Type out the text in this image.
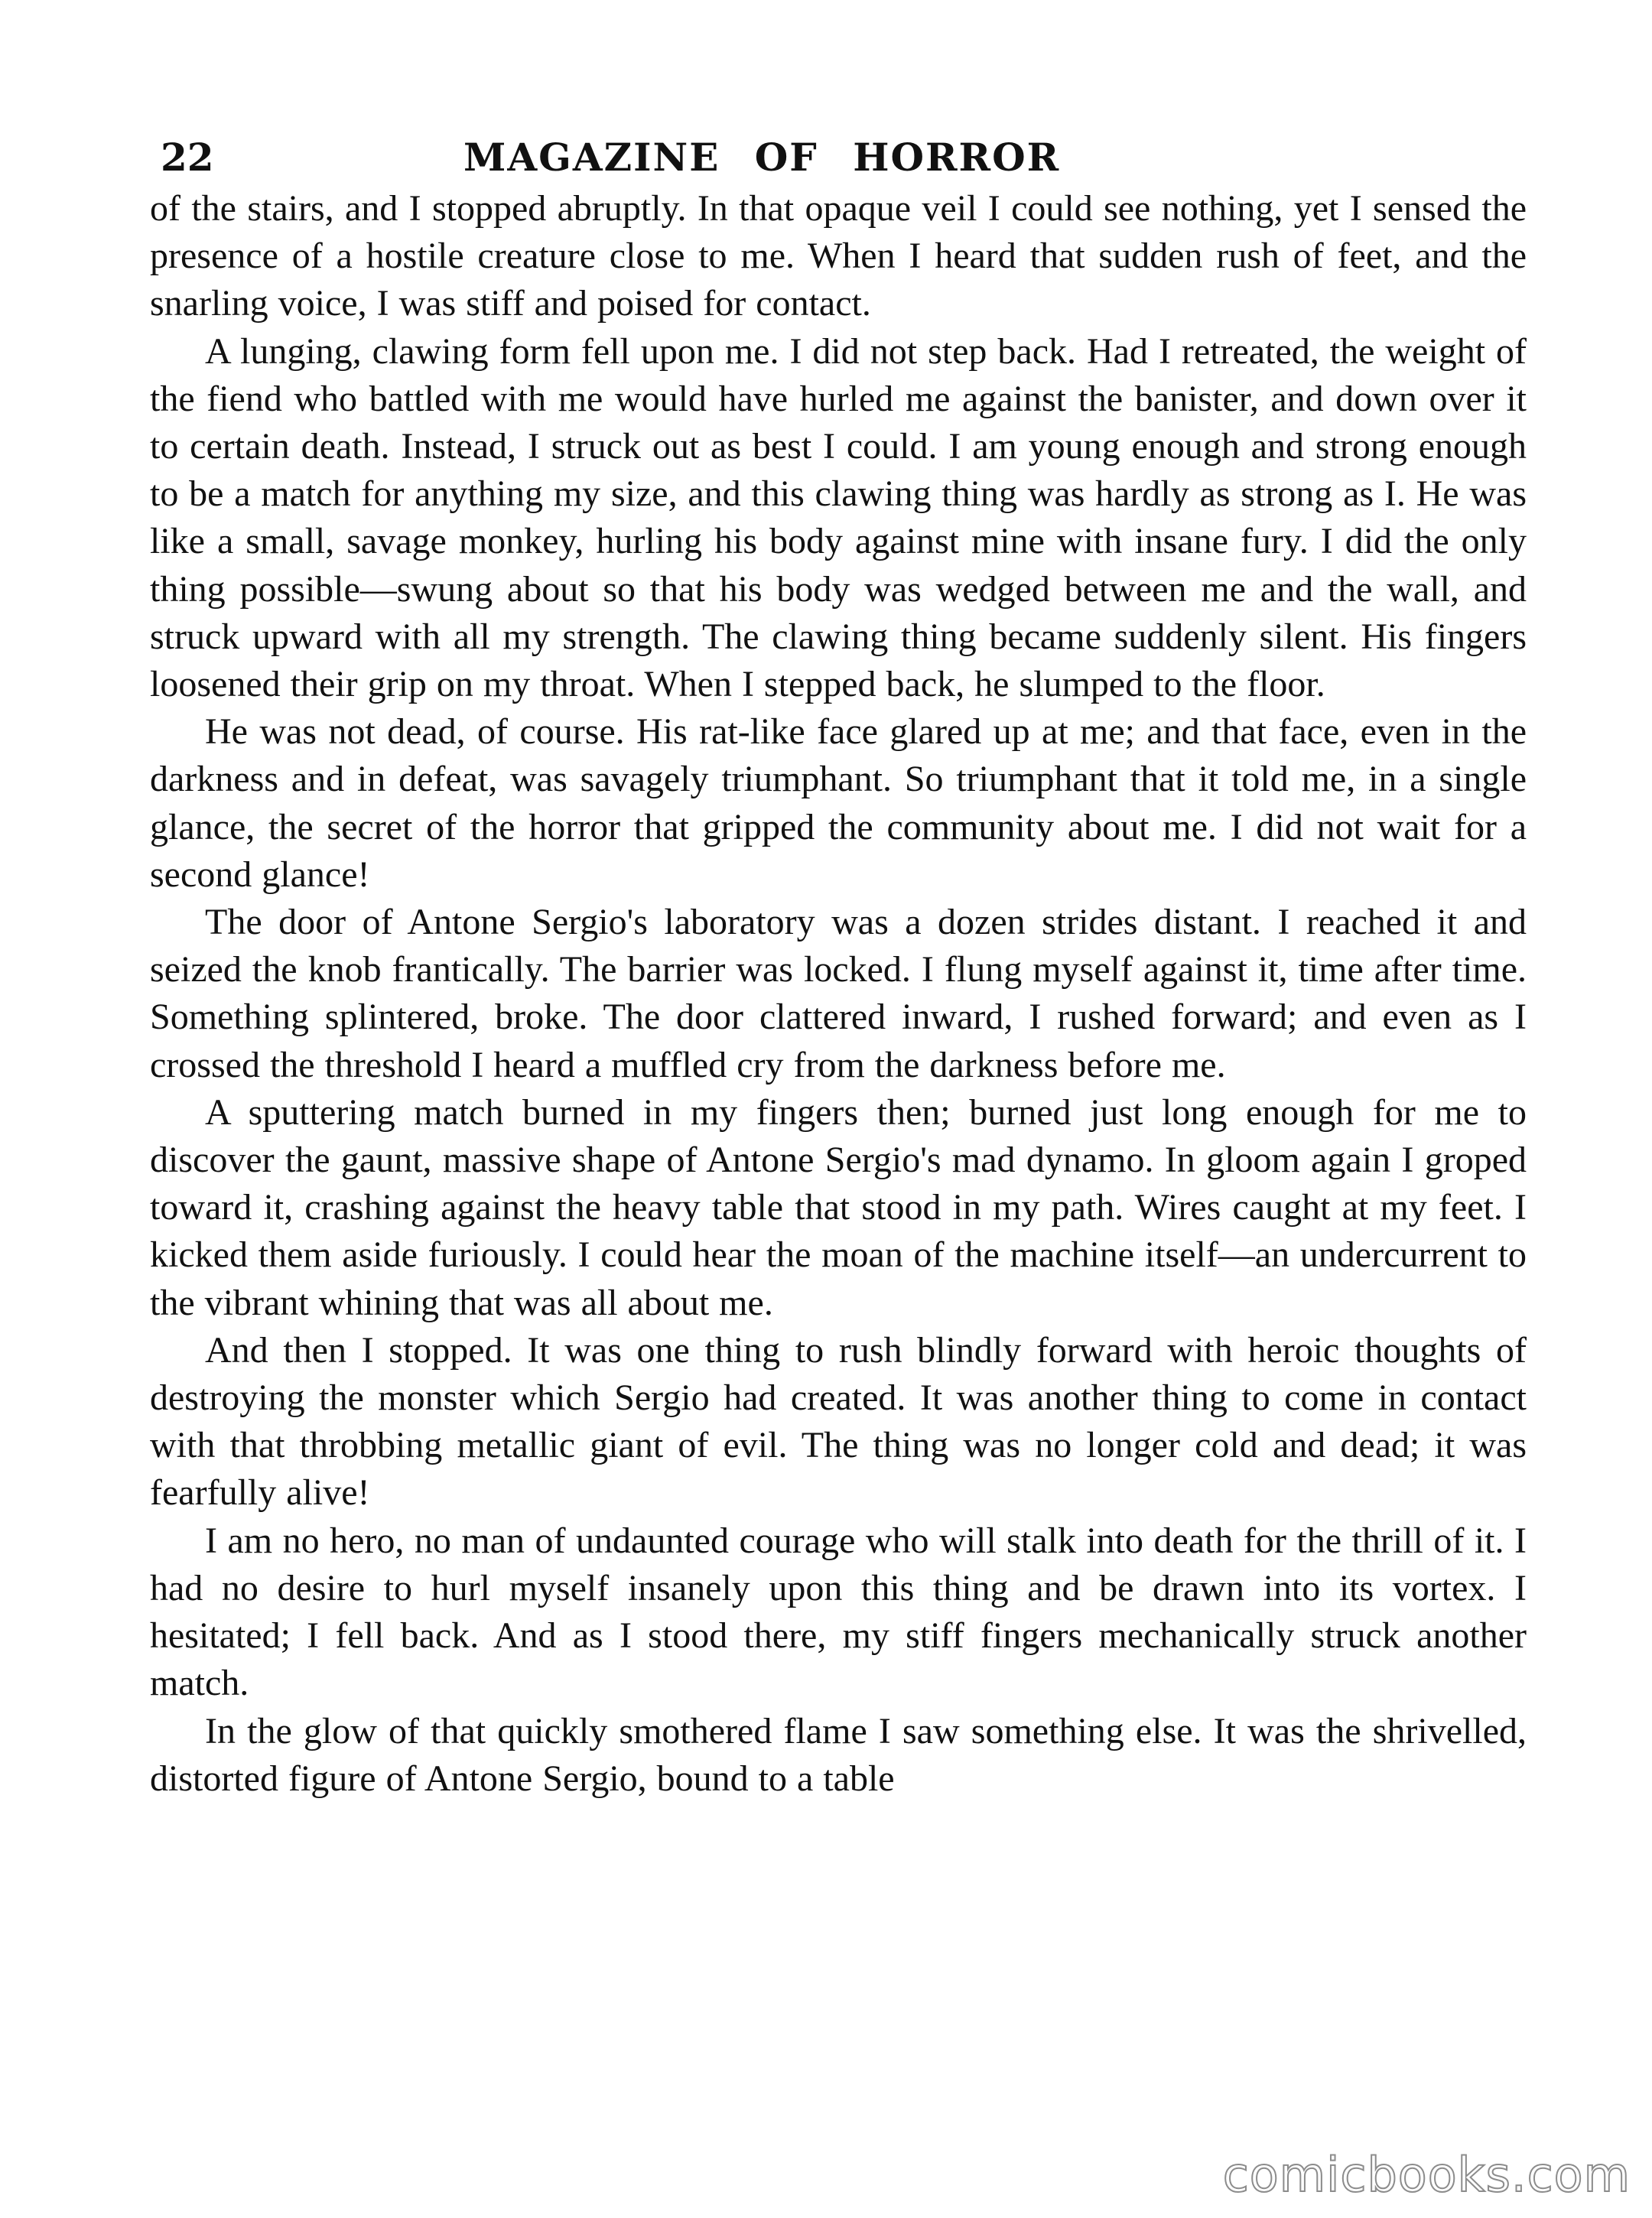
22	MAGAZINE OF HORROR

of the stairs, and I stopped abruptly. In that opaque veil I could see nothing, yet I sensed the presence of a hostile creature close to me. When I heard that sudden rush of feet, and the snarling voice, I was stiff and poised for contact.

A lunging, clawing form fell upon me. I did not step back. Had I retreated, the weight of the fiend who battled with me would have hurled me against the banister, and down over it to certain death. Instead, I struck out as best I could. I am young enough and strong enough to be a match for anything my size, and this clawing thing was hardly as strong as I. He was like a small, savage monkey, hurling his body against mine with insane fury. I did the only thing possible—swung about so that his body was wedged between me and the wall, and struck upward with all my strength. The clawing thing became suddenly silent. His fingers loosened their grip on my throat. When I stepped back, he slumped to the floor.

He was not dead, of course. His rat-like face glared up at me; and that face, even in the darkness and in defeat, was savagely triumphant. So triumphant that it told me, in a single glance, the secret of the horror that gripped the community about me. I did not wait for a second glance!

The door of Antone Sergio's laboratory was a dozen strides distant. I reached it and seized the knob frantically. The barrier was locked. I flung myself against it, time after time. Something splintered, broke. The door clattered inward, I rushed forward; and even as I crossed the threshold I heard a muffled cry from the darkness before me.

A sputtering match burned in my fingers then; burned just long enough for me to discover the gaunt, massive shape of Antone Sergio's mad dynamo. In gloom again I groped toward it, crashing against the heavy table that stood in my path. Wires caught at my feet. I kicked them aside furiously. I could hear the moan of the machine itself—an undercurrent to the vibrant whining that was all about me.

And then I stopped. It was one thing to rush blindly forward with heroic thoughts of destroying the monster which Sergio had created. It was another thing to come in contact with that throbbing metallic giant of evil. The thing was no longer cold and dead; it was fearfully alive!

I am no hero, no man of undaunted courage who will stalk into death for the thrill of it. I had no desire to hurl myself insanely upon this thing and be drawn into its vortex. I hesitated; I fell back. And as I stood there, my stiff fingers mechanically struck another match.

In the glow of that quickly smothered flame I saw something else. It was the shrivelled, distorted figure of Antone Sergio, bound to a table

comicbooks.com
